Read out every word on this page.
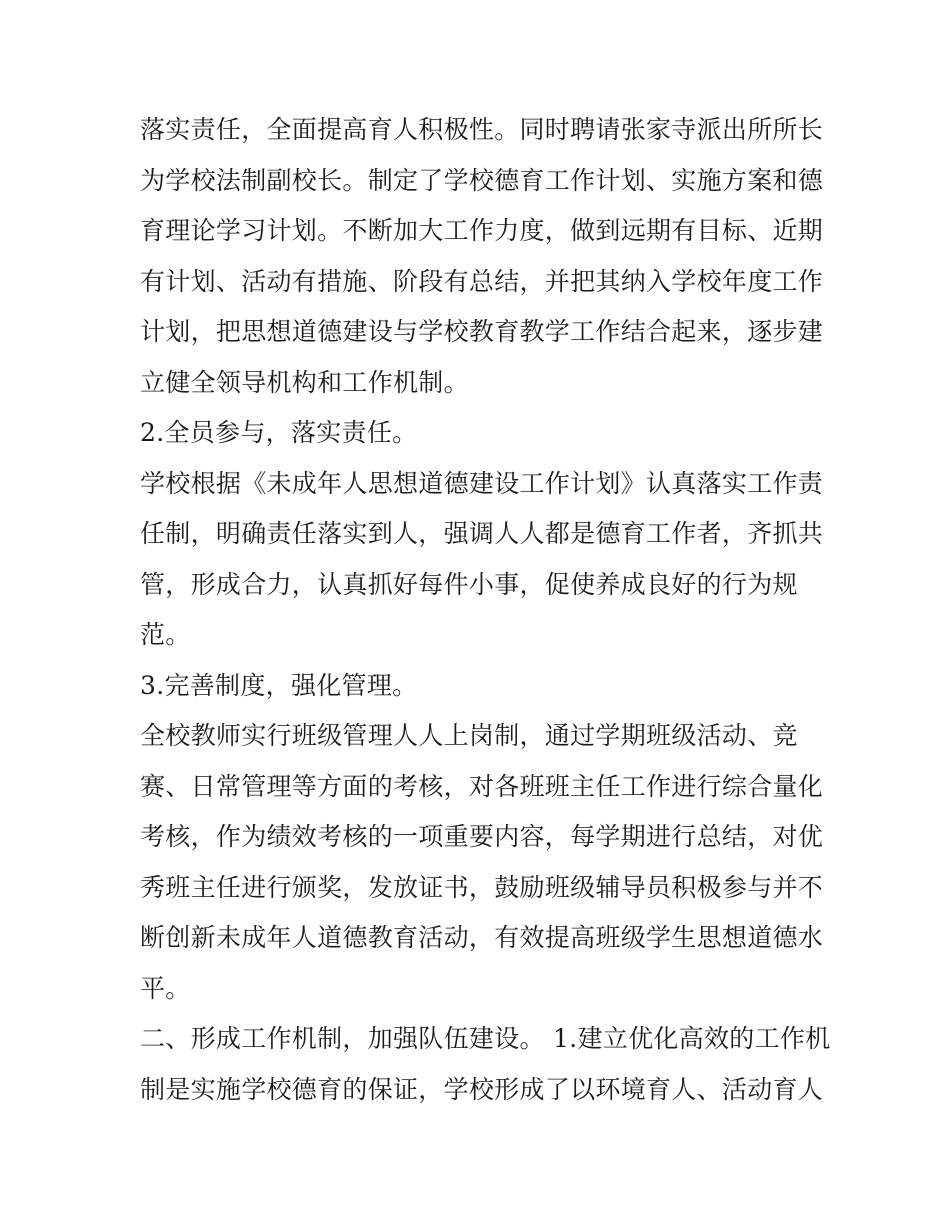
落实责任，全面提高育人积极性。同时聘请张家寺派出所所长
为学校法制副校长。制定了学校德育工作计划、实施方案和德
育理论学习计划。不断加大工作力度，做到远期有目标、近期
有计划、活动有措施、阶段有总结，并把其纳入学校年度工作
计划，把思想道德建设与学校教育教学工作结合起来，逐步建
立健全领导机构和工作机制。
2.全员参与，落实责任。
学校根据《未成年人思想道德建设工作计划》认真落实工作责
任制，明确责任落实到人，强调人人都是德育工作者，齐抓共
管，形成合力，认真抓好每件小事，促使养成良好的行为规
范。
3.完善制度，强化管理。
全校教师实行班级管理人人上岗制，通过学期班级活动、竞
赛、日常管理等方面的考核，对各班班主任工作进行综合量化
考核，作为绩效考核的一项重要内容，每学期进行总结，对优
秀班主任进行颁奖，发放证书，鼓励班级辅导员积极参与并不
断创新未成年人道德教育活动，有效提高班级学生思想道德水
平。
二、形成工作机制，加强队伍建设。 1.建立优化高效的工作机
制是实施学校德育的保证，学校形成了以环境育人、活动育人
